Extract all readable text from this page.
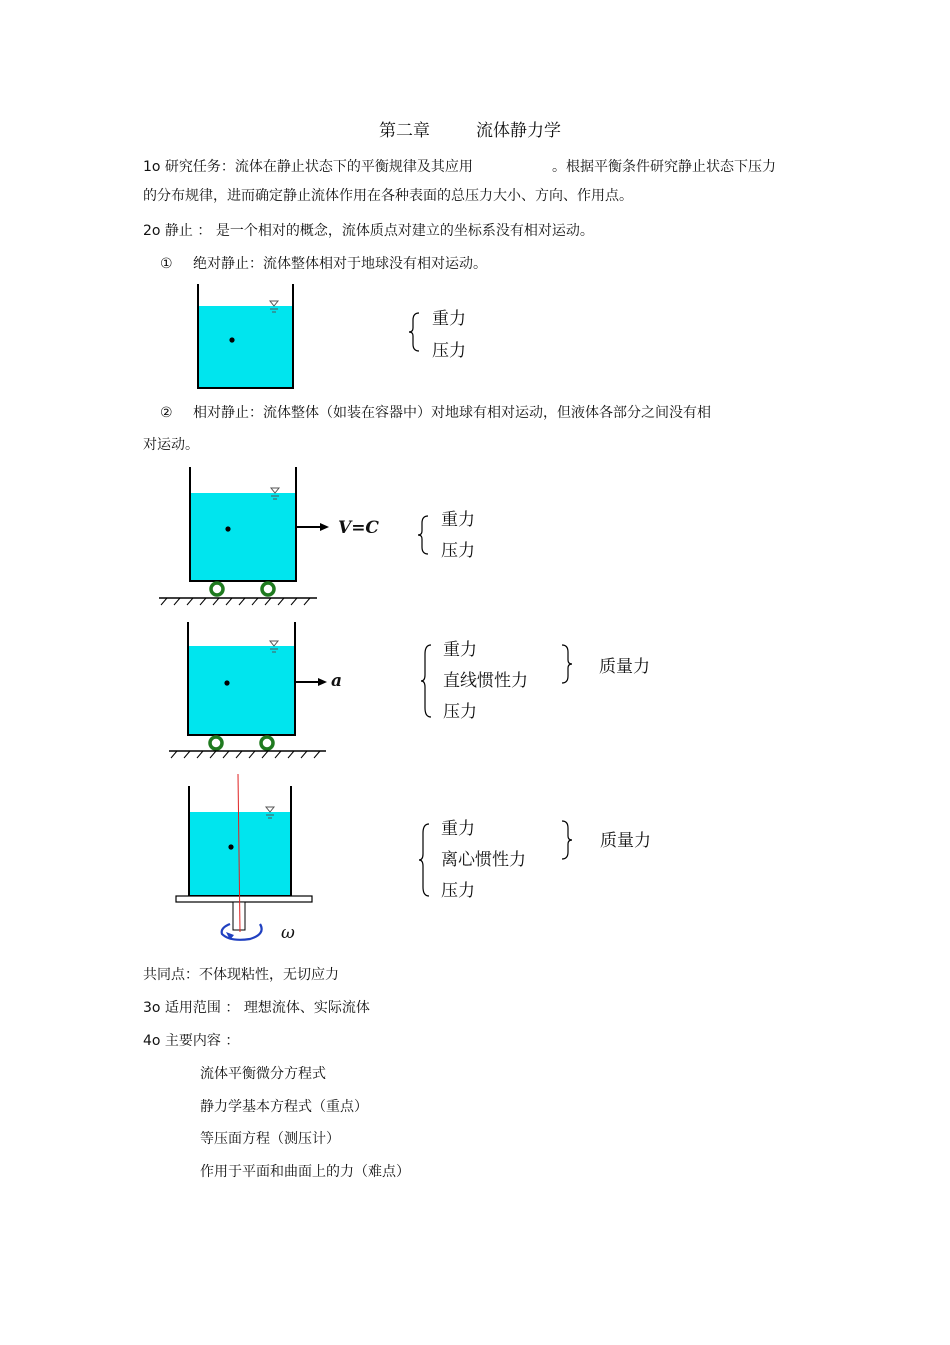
第二章	流体静力学
1o 研究任务：流体在静止状态下的平衡规律及其应用	。根据平衡条件研究静止状态下压力
的分布规律，进而确定静止流体作用在各种表面的总压力大小、方向、作用点。
2o 静止 ： 是一个相对的概念，流体质点对建立的坐标系没有相对运动。
① 绝对静止：流体整体相对于地球没有相对运动。
重力
压力
② 相对静止：流体整体（如装在容器中）对地球有相对运动，但液体各部分之间没有相
对运动。
V=C	重力
压力
a
重力
直线惯性力
压力
质量力
ω
重力
离心惯性力
压力
质量力
共同点：不体现粘性，无切应力
3o 适用范围 ： 理想流体、实际流体
4o 主要内容 ：
流体平衡微分方程式
静力学基本方程式（重点）
等压面方程（测压计）
作用于平面和曲面上的力（难点）
